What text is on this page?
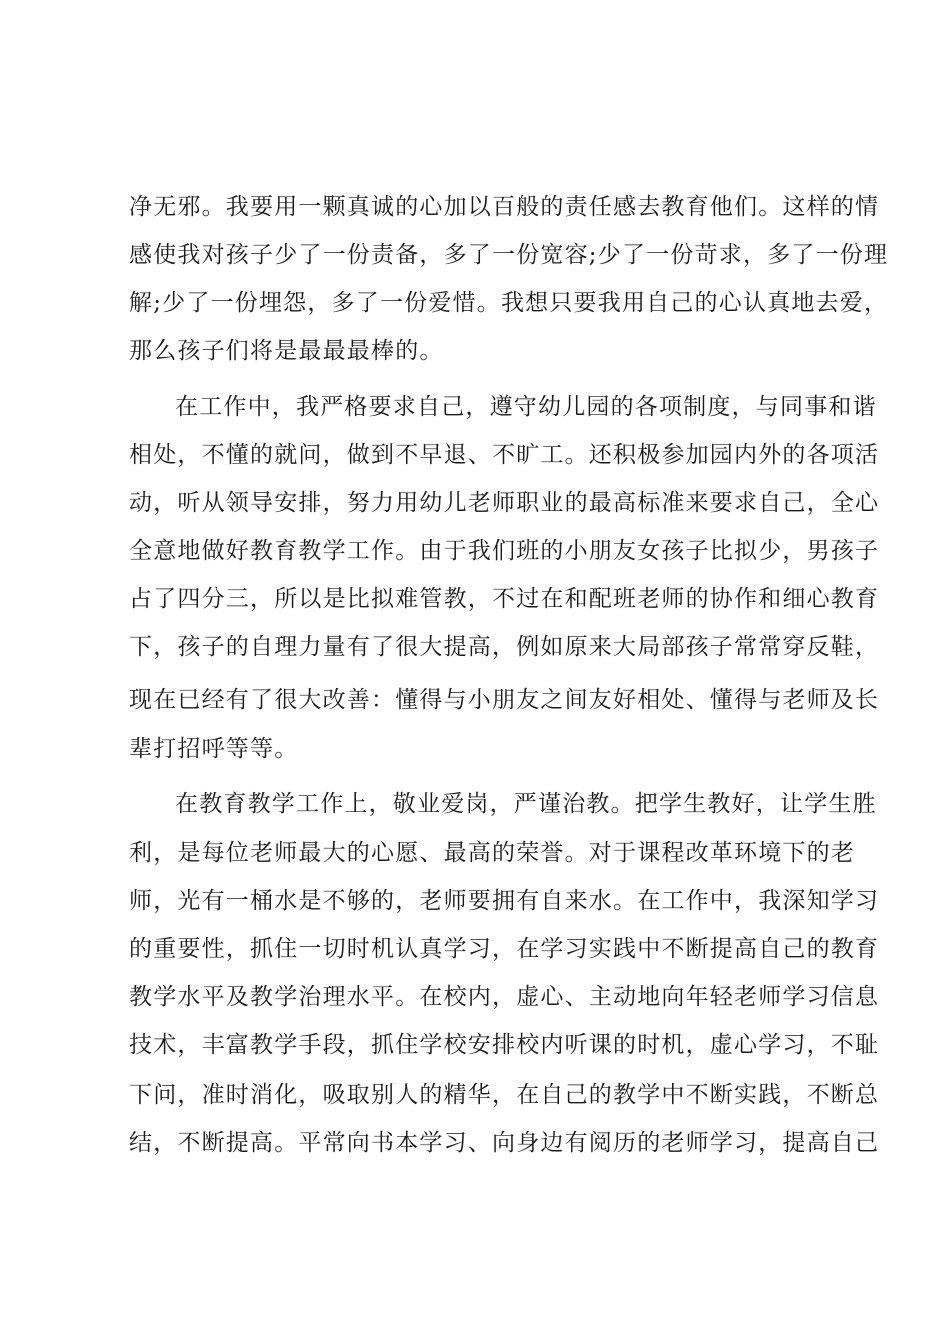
净无邪。我要用一颗真诚的心加以百般的责任感去教育他们。这样的情
感使我对孩子少了一份责备，多了一份宽容;少了一份苛求，多了一份理
解;少了一份埋怨，多了一份爱惜。我想只要我用自己的心认真地去爱，
那么孩子们将是最最最棒的。
在工作中，我严格要求自己，遵守幼儿园的各项制度，与同事和谐
相处，不懂的就问，做到不早退、不旷工。还积极参加园内外的各项活
动，听从领导安排，努力用幼儿老师职业的最高标准来要求自己，全心
全意地做好教育教学工作。由于我们班的小朋友女孩子比拟少，男孩子
占了四分三，所以是比拟难管教，不过在和配班老师的协作和细心教育
下，孩子的自理力量有了很大提高，例如原来大局部孩子常常穿反鞋，
现在已经有了很大改善：懂得与小朋友之间友好相处、懂得与老师及长
辈打招呼等等。
在教育教学工作上，敬业爱岗，严谨治教。把学生教好，让学生胜
利，是每位老师最大的心愿、最高的荣誉。对于课程改革环境下的老
师，光有一桶水是不够的，老师要拥有自来水。在工作中，我深知学习
的重要性，抓住一切时机认真学习，在学习实践中不断提高自己的教育
教学水平及教学治理水平。在校内，虚心、主动地向年轻老师学习信息
技术，丰富教学手段，抓住学校安排校内听课的时机，虚心学习，不耻
下问，准时消化，吸取别人的精华，在自己的教学中不断实践，不断总
结，不断提高。平常向书本学习、向身边有阅历的老师学习，提高自己
